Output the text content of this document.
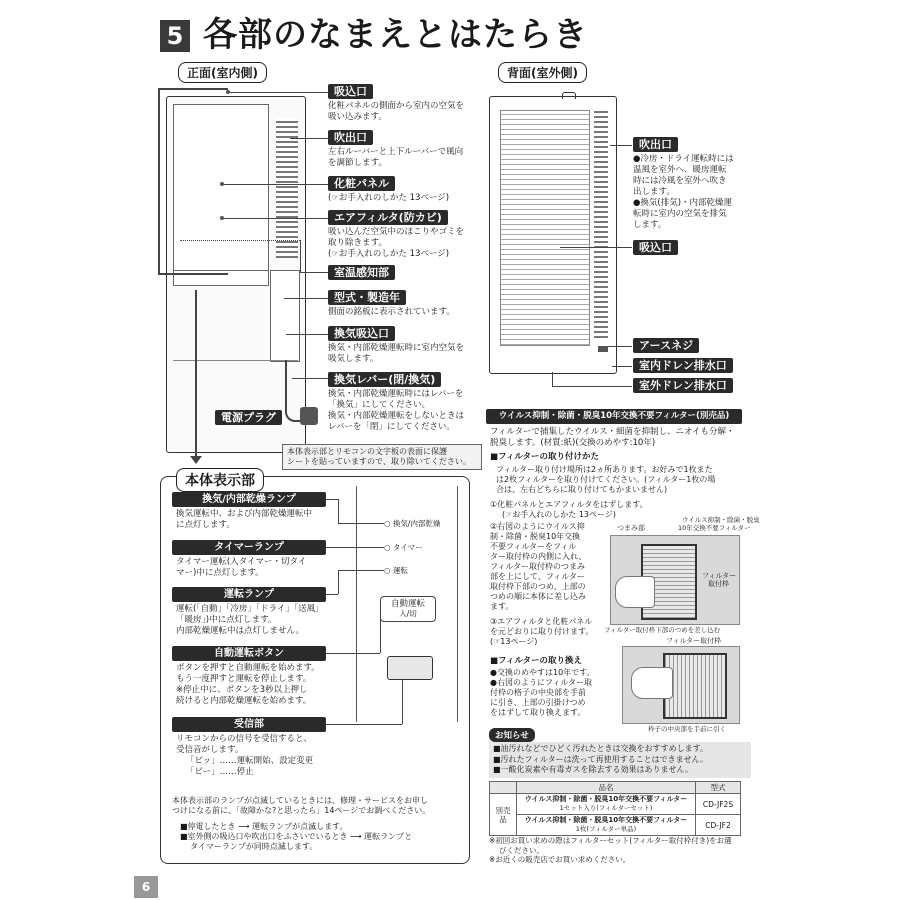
5 各部のなまえとはたらき
正面(室内側)	背面(室外側)
電源プラグ
吸込口
化粧パネルの側面から室内の空気を
吸い込みます。
吹出口
左右ルーバーと上下ルーバーで風向
を調節します。
化粧パネル
(☞お手入れのしかた 13ページ)
エアフィルタ(防カビ)
吸い込んだ空気中のほこりやゴミを
取り除きます。
(☞お手入れのしかた 13ページ)
室温感知部
型式・製造年
側面の銘板に表示されています。
換気吸込口
換気・内部乾燥運転時に室内空気を
吸気します。
換気レバー(閉/換気)
換気・内部乾燥運転時にはレバーを
「換気」にしてください。
換気・内部乾燥運転をしないときは
レバーを「閉」にしてください。
吹出口
●冷房・ドライ運転時には
温風を室外へ、暖房運転
時には冷風を室外へ吹き
出します。
●換気(排気)・内部乾燥運
転時に室内の空気を排気
します。
吸込口
アースネジ
室内ドレン排水口
室外ドレン排水口
本体表示部とリモコンの文字板の表面に保護
シートを貼っていますので、取り除いてください。
本体表示部
換気/内部乾燥ランプ
換気運転中、および内部乾燥運転中
に点灯します。
タイマーランプ
タイマー運転(入タイマー・切タイ
マー)中に点灯します。
運転ランプ
運転(「自動」「冷房」「ドライ」「送風」
「暖房」)中に点灯します。
内部乾燥運転中は点灯しません。
自動運転ボタン
ボタンを押すと自動運転を始めます。
もう一度押すと運転を停止します。
※停止中に、ボタンを3秒以上押し
続けると内部乾燥運転を始めます。
受信部
リモコンからの信号を受信すると、
受信音がします。
「ピッ」……運転開始、設定変更
「ピー」……停止
○ 換気/内部乾燥
○ タイマー
○ 運転
自動運転
入/切
本体表示部のランプが点滅しているときには、修理・サービスをお申し
つけになる前に、「故障かな?と思ったら」14ページでお調べください。
■停電したとき ⟶ 運転ランプが点滅します。
■室外側の吸込口や吹出口をふさいでいるとき ⟶ 運転ランプと
タイマーランプが同時点滅します。
ウイルス抑制・除菌・脱臭10年交換不要フィルター(別売品)
フィルターで捕集したウイルス・細菌を抑制し、ニオイも分解・
脱臭します。(材質:紙)(交換のめやす:10年)
■フィルターの取り付けかた
フィルター取り付け場所は2ヵ所あります。お好みで1枚また
は2枚フィルターを取り付けてください。(フィルター1枚の場
合は、左右どちらに取り付けてもかまいません)
①化粧パネルとエアフィルタをはずします。
(☞お手入れのしかた 13ページ)
②右図のようにウイルス抑
制・除菌・脱臭10年交換
不要フィルターをフィル
ター取付枠の内側に入れ、
フィルター取付枠のつまみ
部を上にして、フィルター
取付枠下部のつめ、上部の
つめの順に本体に差し込み
ます。
③エアフィルタと化粧パネル
を元どおりに取り付けます。
(☞13ページ)
つまみ部
ウイルス抑制・除菌・脱臭
10年交換不要フィルター
フィルター
取付枠
フィルター取付枠下部のつめを差し込む
■フィルターの取り換え
●交換のめやすは10年です。
●右図のようにフィルター取
付枠の格子の中央部を手前
に引き、上部の引掛けつめ
をはずして取り換えます。
フィルター取付枠
枠子の中央部を手前に引く
お知らせ
■油汚れなどでひどく汚れたときは交換をおすすめします。
■汚れたフィルターは洗って再使用することはできません。
■一酸化炭素や有毒ガスを除去する効果はありません。
	品名	型式
別売品	ウイルス抑制・除菌・脱臭10年交換不要フィルター
1セット入り(フィルターセット)	CD-JF2S

	ウイルス抑制・除菌・脱臭10年交換不要フィルター
1枚(フィルター単品)	CD-JF2
※初回お買い求めの際はフィルターセット(フィルター取付枠付き)をお選
びください。
※お近くの販売店でお買い求めください。
6
